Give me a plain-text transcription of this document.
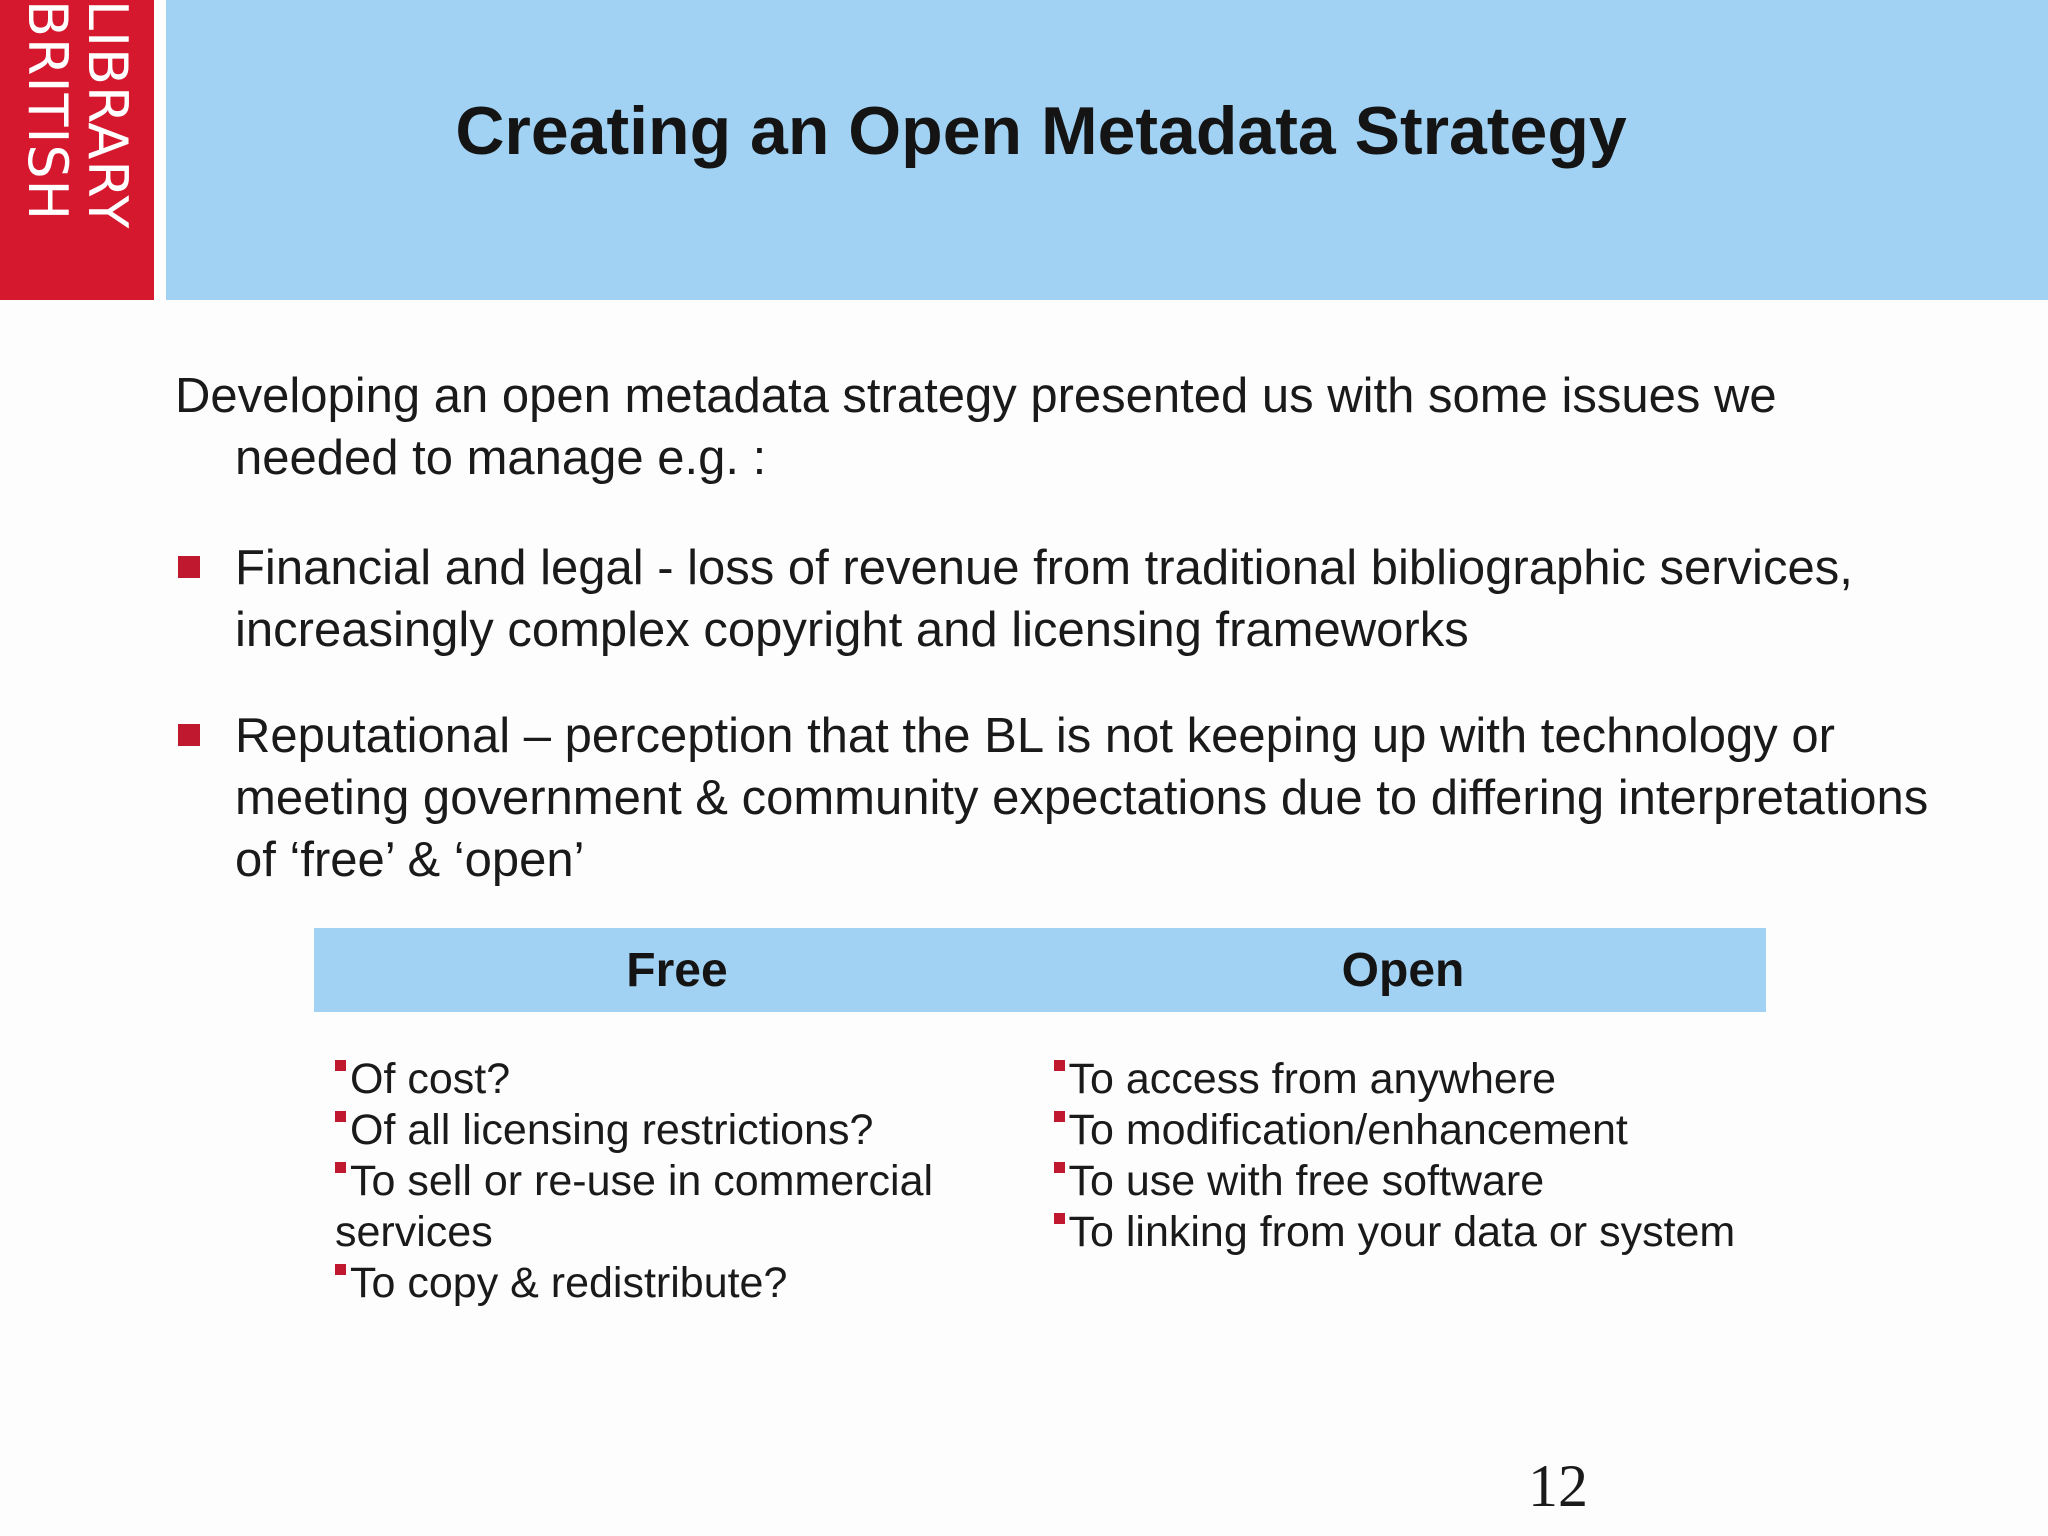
LIBRARY
BRITISH	Creating an Open Metadata Strategy

Developing an open metadata strategy presented us with some issues we needed to manage e.g. :

Financial and legal - loss of revenue from traditional bibliographic services, increasingly complex copyright and licensing frameworks
Reputational – perception that the BL is not keeping up with technology or meeting government & community expectations due to differing interpretations of ‘free’ & ‘open’
Free	Open
Of cost?
Of all licensing restrictions?
To sell or re-use in commercial services
To copy & redistribute?
To access from anywhere
To modification/enhancement
To use with free software
To linking from your data or system
12
